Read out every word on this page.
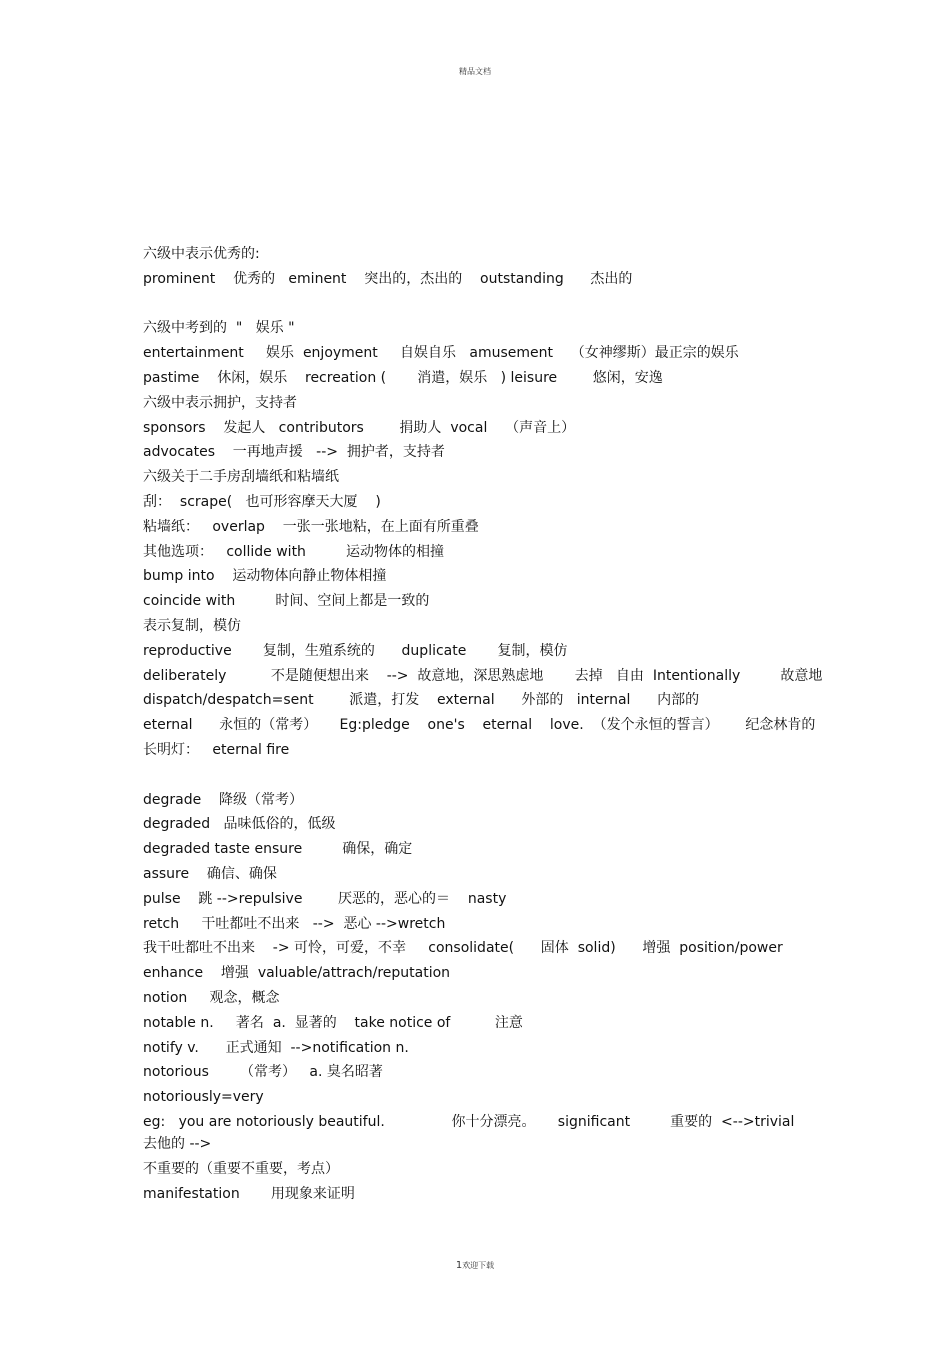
精品文档
六级中表示优秀的:
prominent    优秀的   eminent    突出的，杰出的    outstanding      杰出的
六级中考到的  "   娱乐 "
entertainment     娱乐  enjoyment     自娱自乐   amusement    （女神缪斯）最正宗的娱乐
pastime    休闲，娱乐    recreation (       消遣，娱乐   ) leisure        悠闲，安逸
六级中表示拥护，支持者
sponsors    发起人   contributors        捐助人  vocal    （声音上）
advocates    一再地声援   -->  拥护者，支持者
六级关于二手房刮墙纸和粘墙纸
刮：  scrape(   也可形容摩天大厦    )
粘墙纸：   overlap    一张一张地粘，在上面有所重叠
其他选项：   collide with         运动物体的相撞
bump into    运动物体向静止物体相撞
coincide with         时间、空间上都是一致的
表示复制，模仿
reproductive       复制，生殖系统的      duplicate       复制，模仿
deliberately          不是随便想出来    -->  故意地，深思熟虑地       去掉   自由  Intentionally         故意地
dispatch/despatch=sent        派遣，打发    external      外部的   internal      内部的
eternal      永恒的（常考）     Eg:pledge    one's    eternal    love.  （发个永恒的誓言）      纪念林肯的
长明灯：   eternal fire
degrade    降级（常考）
degraded   品味低俗的，低级
degraded taste ensure         确保，确定
assure    确信、确保
pulse    跳 -->repulsive        厌恶的，恶心的＝    nasty
retch     干吐都吐不出来   -->  恶心 -->wretch
我干吐都吐不出来    -> 可怜，可爱，不幸     consolidate(      固体  solid)      增强  position/power
enhance    增强  valuable/attrach/reputation
notion     观念，概念
notable n.     著名  a.  显著的    take notice of          注意
notify v.      正式通知  -->notification n.
notorious       （常考）   a. 臭名昭著
notoriously=very
eg:   you are notoriously beautiful.               你十分漂亮。     significant         重要的  <-->trivial          去他的 -->
不重要的（重要不重要，考点）
manifestation       用现象来证明
1欢迎下载
